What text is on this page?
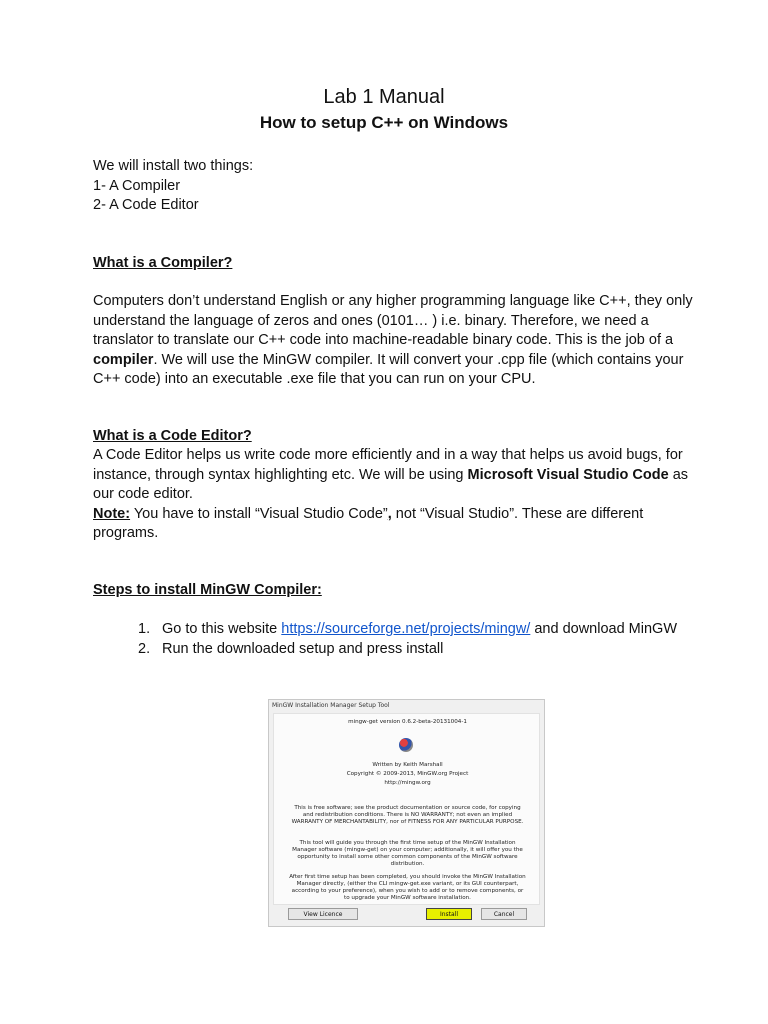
Lab 1 Manual
How to setup C++ on Windows

We will install two things:

1- A Compiler

2- A Code Editor

What is a Compiler?

Computers don’t understand English or any higher programming language like C++, they only understand the language of zeros and ones (0101… ) i.e. binary. Therefore, we need a translator to translate our C++ code into machine-readable binary code. This is the job of a compiler. We will use the MinGW compiler. It will convert your .cpp file (which contains your C++ code) into an executable .exe file that you can run on your CPU.

What is a Code Editor?

A Code Editor helps us write code more efficiently and in a way that helps us avoid bugs, for instance, through syntax highlighting etc. We will be using Microsoft Visual Studio Code as our code editor.

Note: You have to install “Visual Studio Code”, not “Visual Studio”. These are different programs.

Steps to install MinGW Compiler:
1. Go to this website https://sourceforge.net/projects/mingw/ and download MinGW
2. Run the downloaded setup and press install
MinGW Installation Manager Setup Tool
mingw-get version 0.6.2-beta-20131004-1
Written by Keith Marshall
Copyright © 2009-2013, MinGW.org Project
http://mingw.org
This is free software; see the product documentation or source code, for copying
and redistribution conditions. There is NO WARRANTY; not even an implied
WARRANTY OF MERCHANTABILITY, nor of FITNESS FOR ANY PARTICULAR PURPOSE.
This tool will guide you through the first time setup of the MinGW Installation
Manager software (mingw-get) on your computer; additionally, it will offer you the
opportunity to install some other common components of the MinGW software
distribution.
After first time setup has been completed, you should invoke the MinGW Installation
Manager directly, (either the CLI mingw-get.exe variant, or its GUI counterpart,
according to your preference), when you wish to add or to remove components, or
to upgrade your MinGW software installation.
View Licence	Install	Cancel
